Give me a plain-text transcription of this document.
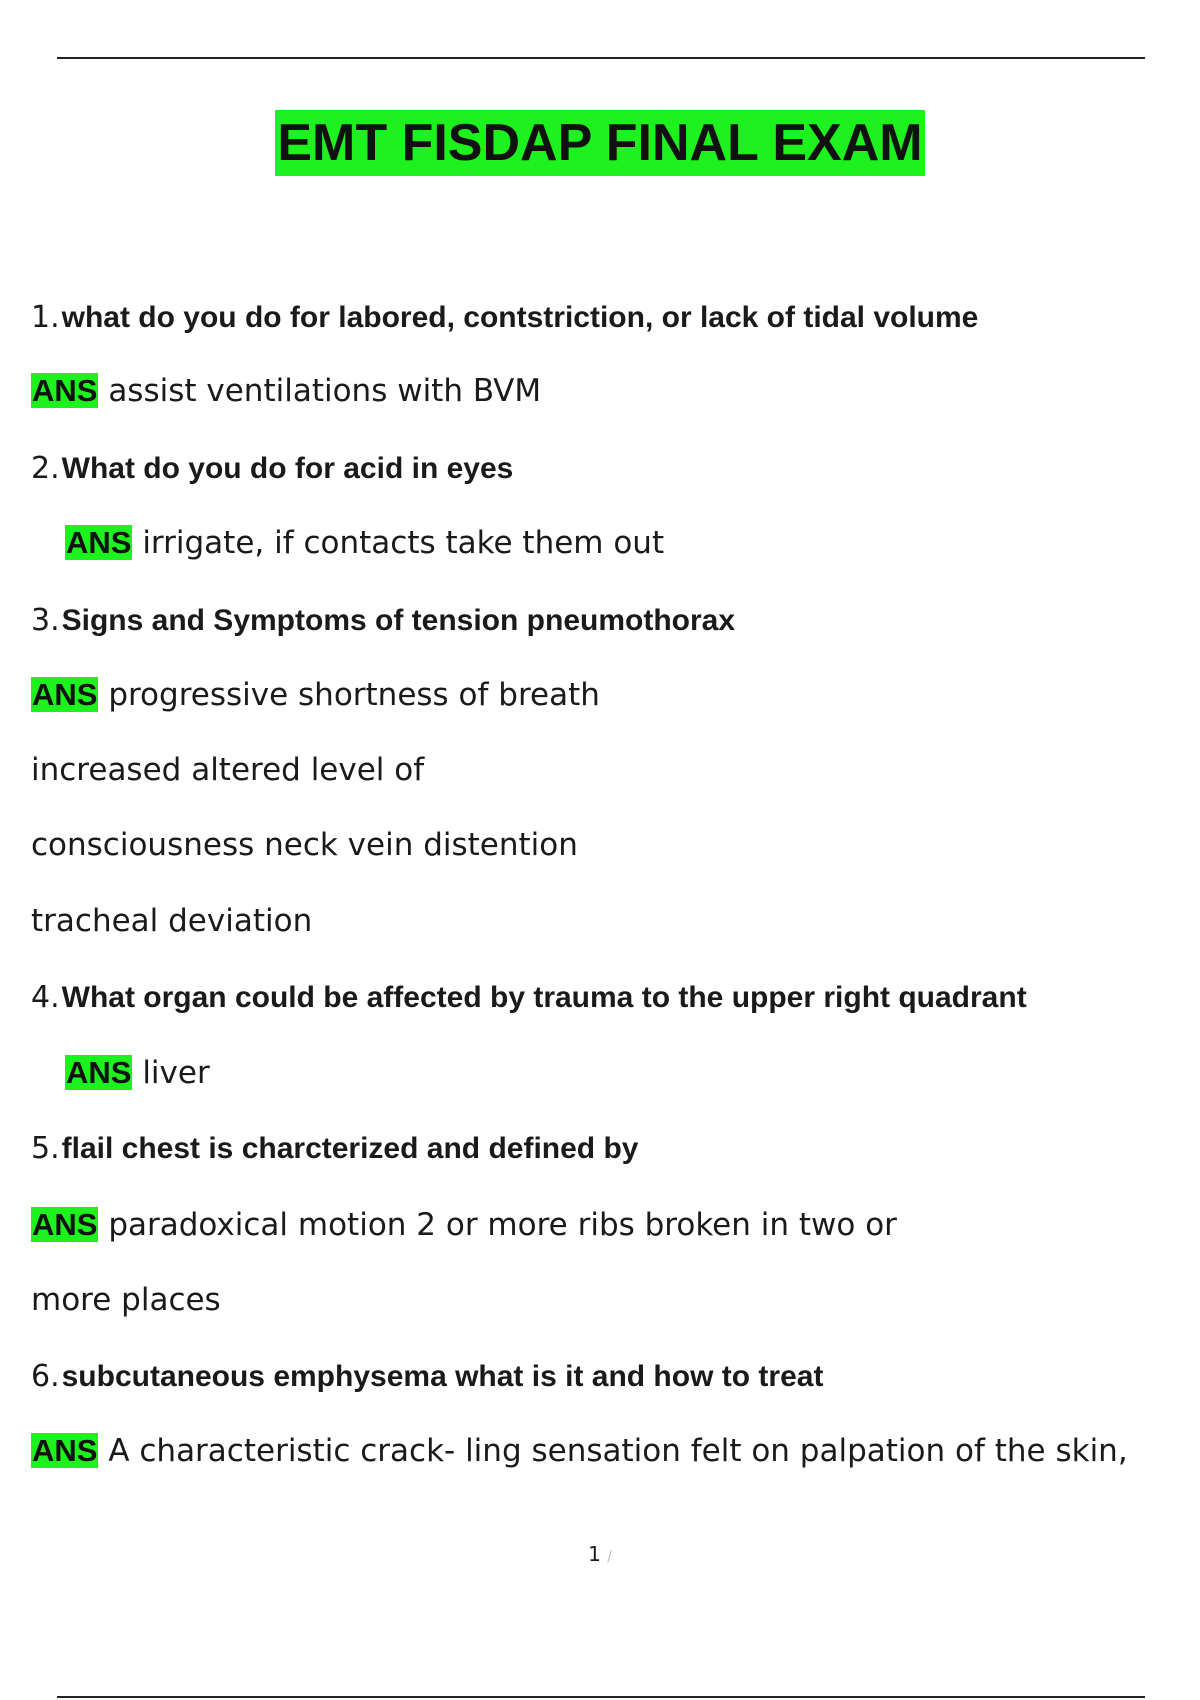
EMT FISDAP FINAL EXAM
1.what do you do for labored, contstriction, or lack of tidal volume
ANS assist ventilations with BVM
2.What do you do for acid in eyes
ANS irrigate, if contacts take them out
3.Signs and Symptoms of tension pneumothorax
ANS progressive shortness of breath
increased altered level of
consciousness neck vein distention
tracheal deviation
4.What organ could be affected by trauma to the upper right quadrant
ANS liver
5.flail chest is charcterized and defined by
ANS paradoxical motion 2 or more ribs broken in two or
more places
6.subcutaneous emphysema what is it and how to treat
ANS A characteristic crack- ling sensation felt on palpation of the skin,
1 /
